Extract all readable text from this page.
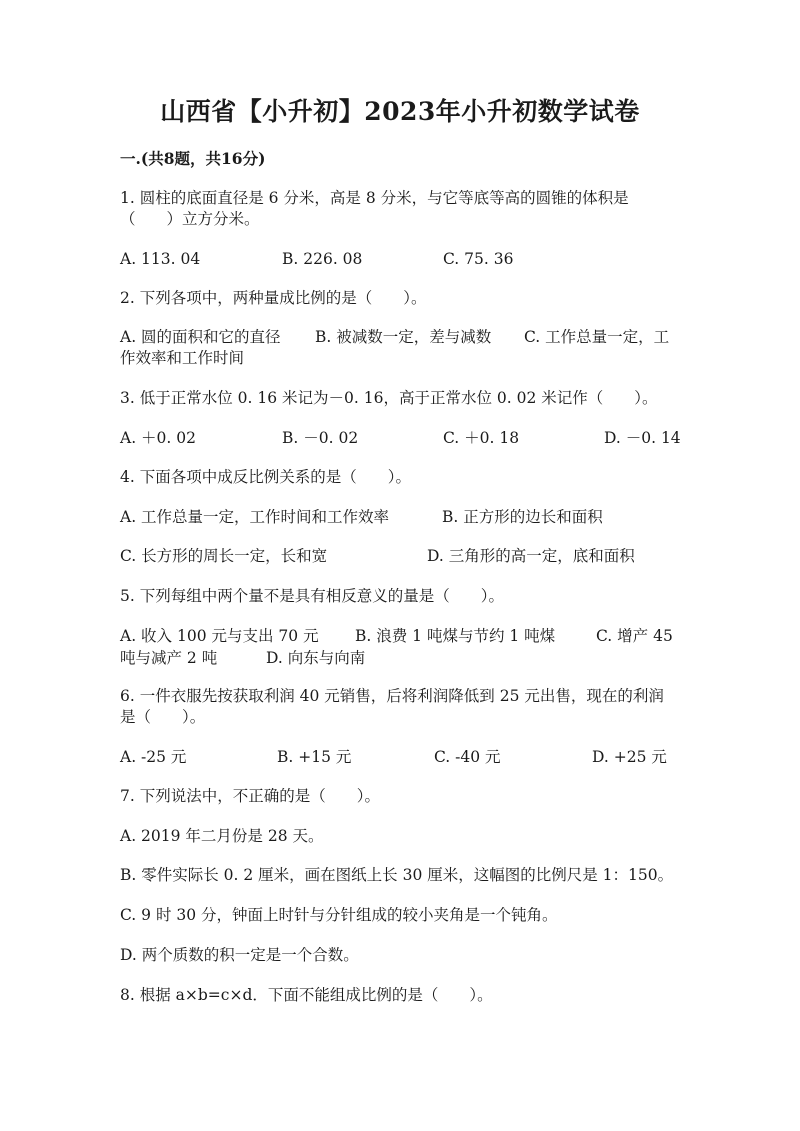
山西省【小升初】2023年小升初数学试卷
一.(共8题，共16分)
1. 圆柱的底面直径是 6 分米，高是 8 分米，与它等底等高的圆锥的体积是
（　　）立方分米。
A. 113. 04	B. 226. 08	C. 75. 36
2. 下列各项中，两种量成比例的是（　　）。
A. 圆的面积和它的直径 B. 被减数一定，差与减数 C. 工作总量一定，工
作效率和工作时间
3. 低于正常水位 0. 16 米记为－0. 16，高于正常水位 0. 02 米记作（　　）。
A. ＋0. 02	B. －0. 02	C. ＋0. 18	D. －0. 14
4. 下面各项中成反比例关系的是（　　）。
A. 工作总量一定，工作时间和工作效率	B. 正方形的边长和面积
C. 长方形的周长一定，长和宽	D. 三角形的高一定，底和面积
5. 下列每组中两个量不是具有相反意义的量是（　　）。
A. 收入 100 元与支出 70 元 B. 浪费 1 吨煤与节约 1 吨煤	C. 增产 45
吨与减产 2 吨	D. 向东与向南
6. 一件衣服先按获取利润 40 元销售，后将利润降低到 25 元出售，现在的利润
是（　　）。
A. -25 元	B. +15 元	C. -40 元	D. +25 元
7. 下列说法中，不正确的是（　　）。
A. 2019 年二月份是 28 天。
B. 零件实际长 0. 2 厘米，画在图纸上长 30 厘米，这幅图的比例尺是 1：150。
C. 9 时 30 分，钟面上时针与分针组成的较小夹角是一个钝角。
D. 两个质数的积一定是一个合数。
8. 根据 a×b=c×d．下面不能组成比例的是（　　）。
